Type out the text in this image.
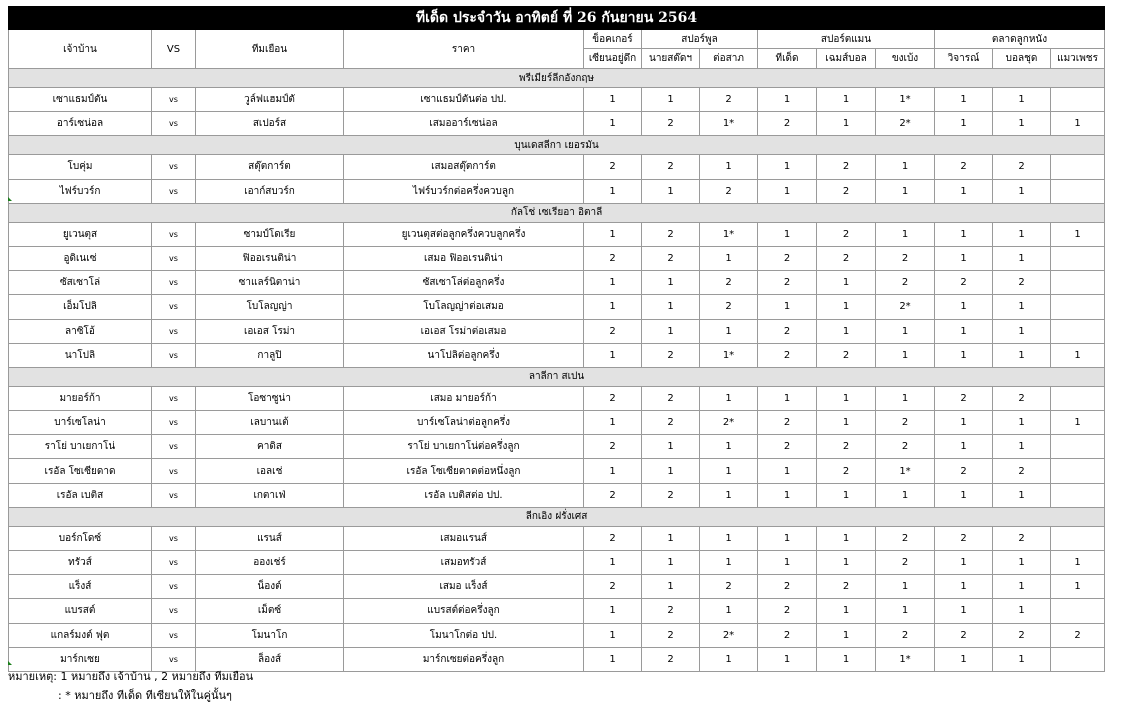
ทีเด็ด ประจำวัน อาทิตย์ ที่ 26 กันยายน 2564												
เจ้าบ้าน	VS	ทีมเยือน	ราคา	ข็อคเกอร์	สปอร์พูล		สปอร์ตแมน			ตลาดลูกหนัง		
				เซียนอยู่ดึก	นายสต๊ดฯ	ต่อสาภ	ทีเด็ด	เฉมส์บอล	ขงเบ้ง	วิจารณ์	บอลชุด	แมวเพชร
พรีเมียร์ลีกอังกฤษ												
เซาแธมป์ตัน	vs	วูล์ฟแฮมป์ตั	เซาแธมป์ตันต่อ ปป.	1	1	2	1	1	1*	1	1	
อาร์เซน่อล	vs	สเปอร์ส	เสมออาร์เซน่อล	1	2	1*	2	1	2*	1	1	1
บุนเดสลีกา เยอรมัน												
โบคุ่ม	vs	สตุ๊ตการ์ต	เสมอสตุ๊ตการ์ต	2	2	1	1	2	1	2	2	
ไฟร์บวร์ก	vs	เอาก์สบวร์ก	ไฟร์บวร์กต่อครึ่งควบลูก	1	1	2	1	2	1	1	1	
กัลโช่ เซเรียอา อิตาลี												
ยูเวนตุส	vs	ซามป์โดเรีย	ยูเวนตุสต่อลูกครึ่งควบลูกครึ่ง	1	2	1*	1	2	1	1	1	1
อูดิเนเซ่	vs	ฟิออเรนติน่า	เสมอ ฟิออเรนติน่า	2	2	1	2	2	2	1	1	
ซัสเซาโล่	vs	ซาแลร์นิตาน่า	ซัสเซาโล่ต่อลูกครึ่ง	1	1	2	2	1	2	2	2	
เอ็มโปลิ	vs	โบโลญญ่า	โบโลญญ่าต่อเสมอ	1	1	2	1	1	2*	1	1	
ลาซิโอ้	vs	เอเอส โรม่า	เอเอส โรม่าต่อเสมอ	2	1	1	2	1	1	1	1	
นาโปลิ	vs	กาลูปิ	นาโปลิต่อลูกครึ่ง	1	2	1*	2	2	1	1	1	1
ลาลีกา สเปน												
มายอร์ก้า	vs	โอซาซูน่า	เสมอ มายอร์ก้า	2	2	1	1	1	1	2	2	
บาร์เซโลน่า	vs	เลบานเต้	บาร์เซโลน่าต่อลูกครึ่ง	1	2	2*	2	1	2	1	1	1
ราโย่ บาเยกาโน่	vs	คาดิส	ราโย่ บาเยกาโน่ต่อครึ่งลูก	2	1	1	2	2	2	1	1	
เรอัล โซเซียดาด	vs	เอลเช่	เรอัล โซเซียดาดต่อหนึ่งลูก	1	1	1	1	2	1*	2	2	
เรอัล เบติส	vs	เกตาเฟ่	เรอัล เบติสต่อ ปป.	2	2	1	1	1	1	1	1	
ลีกเอิง ฝรั่งเศส												
บอร์กโดซ์	vs	แรนส์	เสมอแรนส์	2	1	1	1	1	2	2	2	
ทรัวส์	vs	อองเช่ร์	เสมอทรัวส์	1	1	1	1	1	2	1	1	1
แร็งส์	vs	น็องต์	เสมอ แร็งส์	2	1	2	2	2	1	1	1	1
แบรสต์	vs	เม็ตซ์	แบรสต์ต่อครึ่งลูก	1	2	1	2	1	1	1	1	
แกลร์มงต์ ฟุต	vs	โมนาโก	โมนาโกต่อ ปป.	1	2	2*	2	1	2	2	2	2
มาร์กเซย	vs	ล็องส์	มาร์กเซยต่อครึ่งลูก	1	2	1	1	1	1*	1	1	
หมายเหตุ: 1 หมายถึง เจ้าบ้าน , 2 หมายถึง ทีมเยือน
: * หมายถึง ทีเด็ด ทีเซียนให้ในคู่นั้นๆ
